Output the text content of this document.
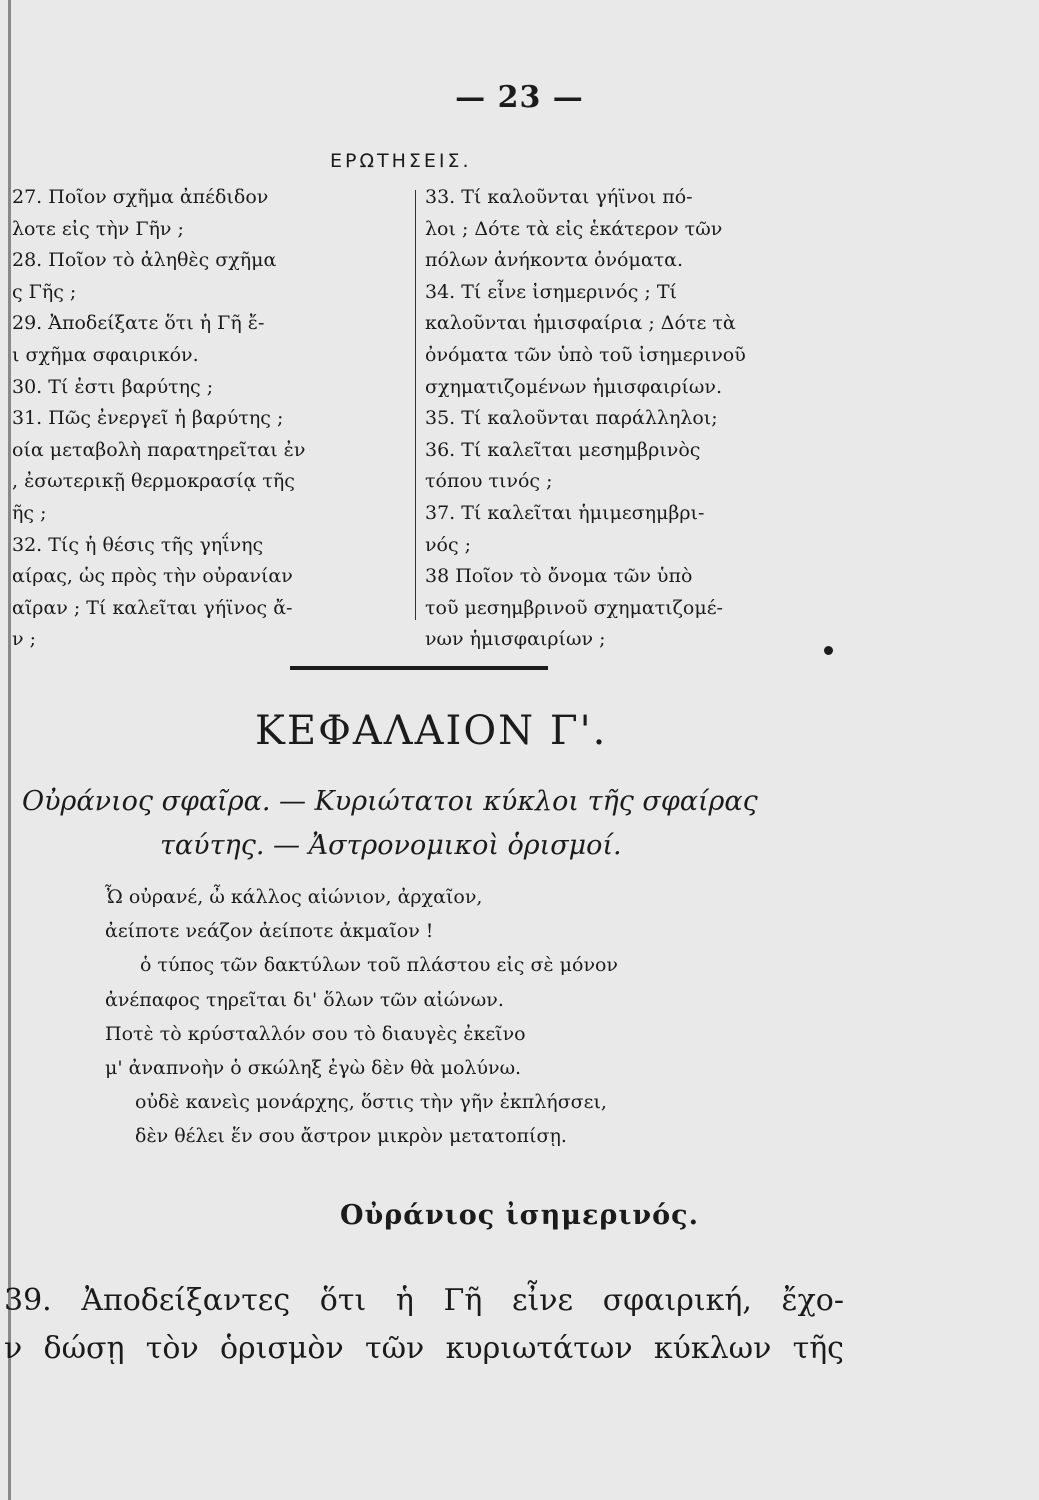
— 23 —
ΕΡΩΤΗΣΕΙΣ.
27. Ποῖον σχῆμα ἀπέδιδον
λοτε εἰς τὴν Γῆν ;
28. Ποῖον τὸ ἀληθὲς σχῆμα
ς Γῆς ;
29. Ἀποδείξατε ὅτι ἡ Γῆ ἔ-
ι σχῆμα σφαιρικόν.
30. Τί ἐστι βαρύτης ;
31. Πῶς ἐνεργεῖ ἡ βαρύτης ;
οία μεταβολὴ παρατηρεῖται ἐν
, ἐσωτερικῇ θερμοκρασίᾳ τῆς
ῆς ;
32. Τίς ἡ θέσις τῆς γηΐνης
αίρας, ὡς πρὸς τὴν οὐρανίαν
αῖραν ; Τί καλεῖται γήϊνος ἄ-
ν ;
33. Τί καλοῦνται γήϊνοι πό-
λοι ; Δότε τὰ εἰς ἑκάτερον τῶν
πόλων ἀνήκοντα ὀνόματα.
34. Τί εἶνε ἰσημερινός ; Τί
καλοῦνται ἡμισφαίρια ; Δότε τὰ
ὀνόματα τῶν ὑπὸ τοῦ ἰσημερινοῦ
σχηματιζομένων ἡμισφαιρίων.
35. Τί καλοῦνται παράλληλοι;
36. Τί καλεῖται μεσημβρινὸς
τόπου τινός ;
37. Τί καλεῖται ἡμιμεσημβρι-
νός ;
38 Ποῖον τὸ ὄνομα τῶν ὑπὸ
τοῦ μεσημβρινοῦ σχηματιζομέ-
νων ἡμισφαιρίων ;
ΚΕΦΑΛΑΙΟΝ Γ'.
Οὐράνιος σφαῖρα. — Κυριώτατοι κύκλοι τῆς σφαίρας
ταύτης. — Ἀστρονομικοὶ ὁρισμοί.
Ὦ οὐρανέ, ὦ κάλλος αἰώνιον, ἀρχαῖον,
ἀείποτε νεάζον ἀείποτε ἀκμαῖον !
ὁ τύπος τῶν δακτύλων τοῦ πλάστου εἰς σὲ μόνον
ἀνέπαφος τηρεῖται δι' ὅλων τῶν αἰώνων.
Ποτὲ τὸ κρύσταλλόν σου τὸ διαυγὲς ἐκεῖνο
μ' ἀναπνοὴν ὁ σκώληξ ἐγὼ δὲν θὰ μολύνω.
οὐδὲ κανεὶς μονάρχης, ὅστις τὴν γῆν ἐκπλήσσει,
δὲν θέλει ἕν σου ἄστρον μικρὸν μετατοπίσῃ.
Οὐράνιος ἰσημερινός.
39. Ἀποδείξαντες ὅτι ἡ Γῆ εἶνε σφαιρική, ἔχο-
ν δώσῃ τὸν ὁρισμὸν τῶν κυριωτάτων κύκλων τῆς
